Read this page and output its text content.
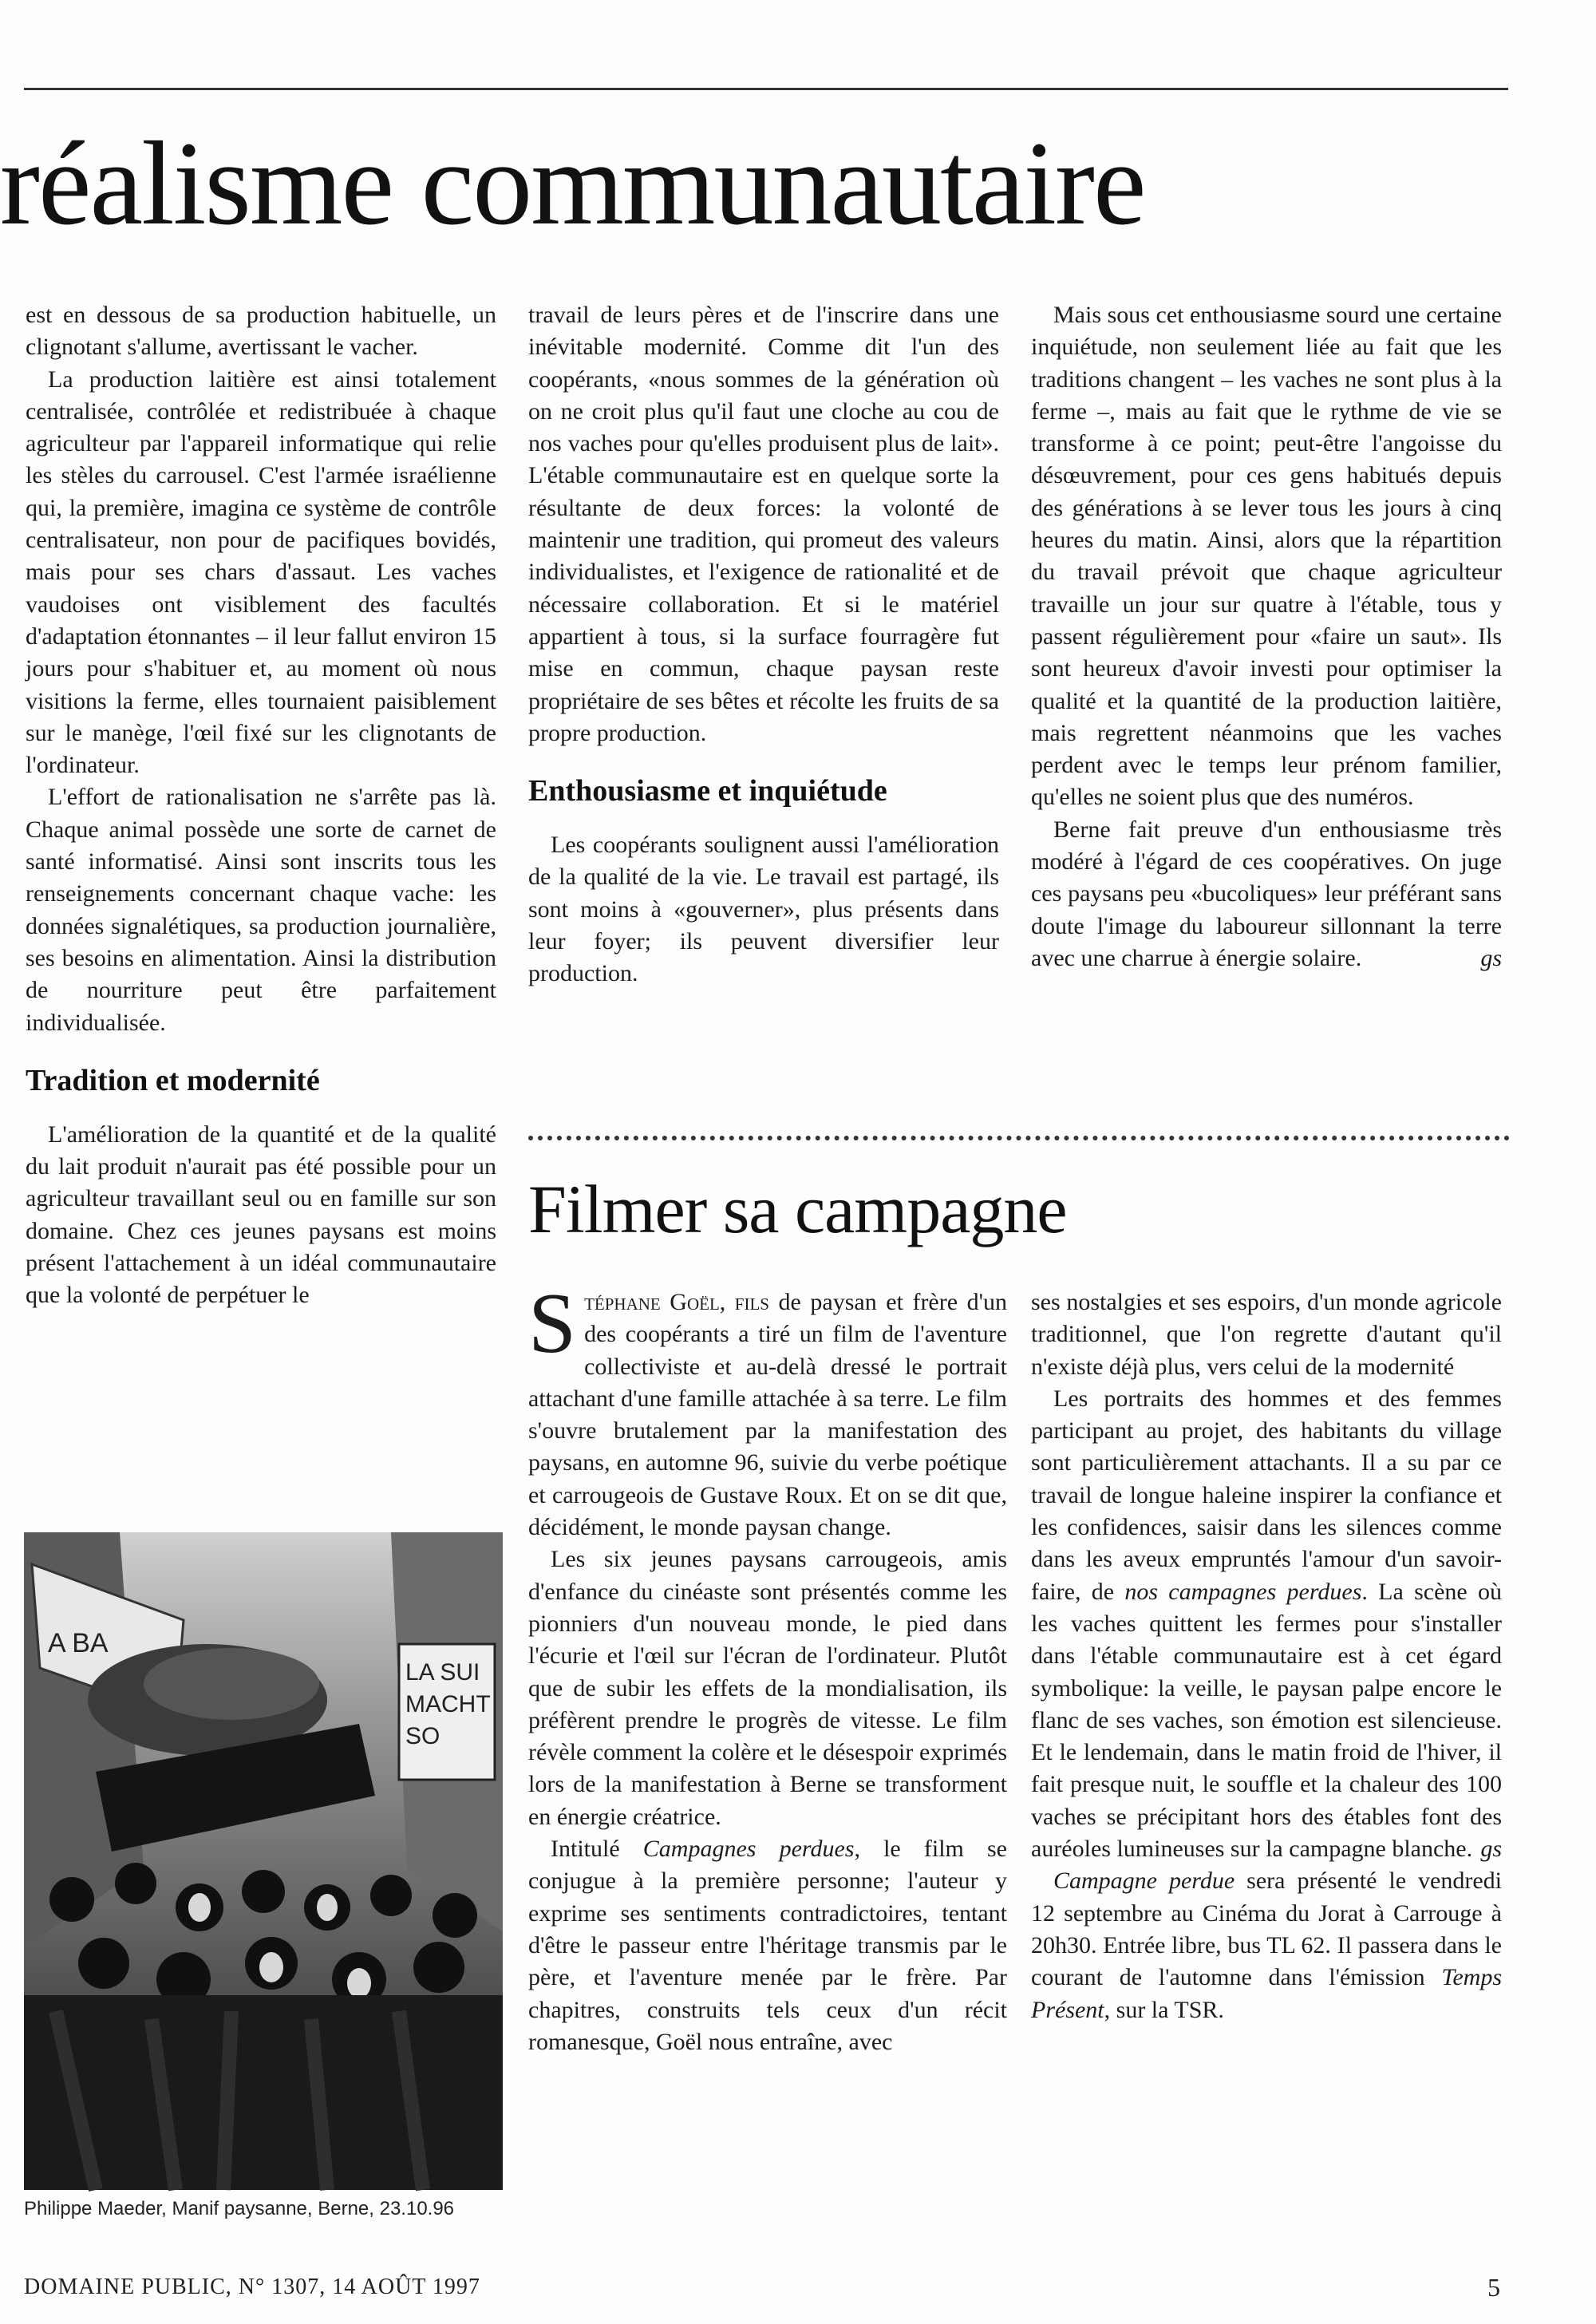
réalisme communautaire

est en dessous de sa production habituelle, un clignotant s'allume, avertissant le vacher.

La production laitière est ainsi totalement centralisée, contrôlée et redistribuée à chaque agriculteur par l'appareil informatique qui relie les stèles du carrousel. C'est l'armée israélienne qui, la première, imagina ce système de contrôle centralisateur, non pour de pacifiques bovidés, mais pour ses chars d'assaut. Les vaches vaudoises ont visiblement des facultés d'adaptation étonnantes – il leur fallut environ 15 jours pour s'habituer et, au moment où nous visitions la ferme, elles tournaient paisiblement sur le manège, l'œil fixé sur les clignotants de l'ordinateur.

L'effort de rationalisation ne s'arrête pas là. Chaque animal possède une sorte de carnet de santé informatisé. Ainsi sont inscrits tous les renseignements concernant chaque vache: les données signalétiques, sa production journalière, ses besoins en alimentation. Ainsi la distribution de nourriture peut être parfaitement individualisée.

Tradition et modernité

L'amélioration de la quantité et de la qualité du lait produit n'aurait pas été possible pour un agriculteur travaillant seul ou en famille sur son domaine. Chez ces jeunes paysans est moins présent l'attachement à un idéal communautaire que la volonté de perpétuer le

travail de leurs pères et de l'inscrire dans une inévitable modernité. Comme dit l'un des coopérants, «nous sommes de la génération où on ne croit plus qu'il faut une cloche au cou de nos vaches pour qu'elles produisent plus de lait». L'étable communautaire est en quelque sorte la résultante de deux forces: la volonté de maintenir une tradition, qui promeut des valeurs individualistes, et l'exigence de rationalité et de nécessaire collaboration. Et si le matériel appartient à tous, si la surface fourragère fut mise en commun, chaque paysan reste propriétaire de ses bêtes et récolte les fruits de sa propre production.

Enthousiasme et inquiétude

Les coopérants soulignent aussi l'amélioration de la qualité de la vie. Le travail est partagé, ils sont moins à «gouverner», plus présents dans leur foyer; ils peuvent diversifier leur production.

Mais sous cet enthousiasme sourd une certaine inquiétude, non seulement liée au fait que les traditions changent – les vaches ne sont plus à la ferme –, mais au fait que le rythme de vie se transforme à ce point; peut-être l'angoisse du désœuvrement, pour ces gens habitués depuis des générations à se lever tous les jours à cinq heures du matin. Ainsi, alors que la répartition du travail prévoit que chaque agriculteur travaille un jour sur quatre à l'étable, tous y passent régulièrement pour «faire un saut». Ils sont heureux d'avoir investi pour optimiser la qualité et la quantité de la production laitière, mais regrettent néanmoins que les vaches perdent avec le temps leur prénom familier, qu'elles ne soient plus que des numéros.

Berne fait preuve d'un enthousiasme très modéré à l'égard de ces coopératives. On juge ces paysans peu «bucoliques» leur préférant sans doute l'image du laboureur sillonnant la terre avec une charrue à énergie solaire.	gs

Filmer sa campagne

Stéphane Goël, fils de paysan et frère d'un des coopérants a tiré un film de l'aventure collectiviste et au-delà dressé le portrait attachant d'une famille attachée à sa terre. Le film s'ouvre brutalement par la manifestation des paysans, en automne 96, suivie du verbe poétique et carrougeois de Gustave Roux. Et on se dit que, décidément, le monde paysan change.

Les six jeunes paysans carrougeois, amis d'enfance du cinéaste sont présentés comme les pionniers d'un nouveau monde, le pied dans l'écurie et l'œil sur l'écran de l'ordinateur. Plutôt que de subir les effets de la mondialisation, ils préfèrent prendre le progrès de vitesse. Le film révèle comment la colère et le désespoir exprimés lors de la manifestation à Berne se transforment en énergie créatrice.

Intitulé Campagnes perdues, le film se conjugue à la première personne; l'auteur y exprime ses sentiments contradictoires, tentant d'être le passeur entre l'héritage transmis par le père, et l'aventure menée par le frère. Par chapitres, construits tels ceux d'un récit romanesque, Goël nous entraîne, avec

ses nostalgies et ses espoirs, d'un monde agricole traditionnel, que l'on regrette d'autant qu'il n'existe déjà plus, vers celui de la modernité

Les portraits des hommes et des femmes participant au projet, des habitants du village sont particulièrement attachants. Il a su par ce travail de longue haleine inspirer la confiance et les confidences, saisir dans les silences comme dans les aveux empruntés l'amour d'un savoir-faire, de nos campagnes perdues. La scène où les vaches quittent les fermes pour s'installer dans l'étable communautaire est à cet égard symbolique: la veille, le paysan palpe encore le flanc de ses vaches, son émotion est silencieuse. Et le lendemain, dans le matin froid de l'hiver, il fait presque nuit, le souffle et la chaleur des 100 vaches se précipitant hors des étables font des auréoles lumineuses sur la campagne blanche. gs

Campagne perdue sera présenté le vendredi 12 septembre au Cinéma du Jorat à Carrouge à 20h30. Entrée libre, bus TL 62. Il passera dans le courant de l'automne dans l'émission Temps Présent, sur la TSR.

LA SUI MACHT SO
A BA
Philippe Maeder, Manif paysanne, Berne, 23.10.96
DOMAINE PUBLIC, N° 1307, 14 AOÛT 1997	5
